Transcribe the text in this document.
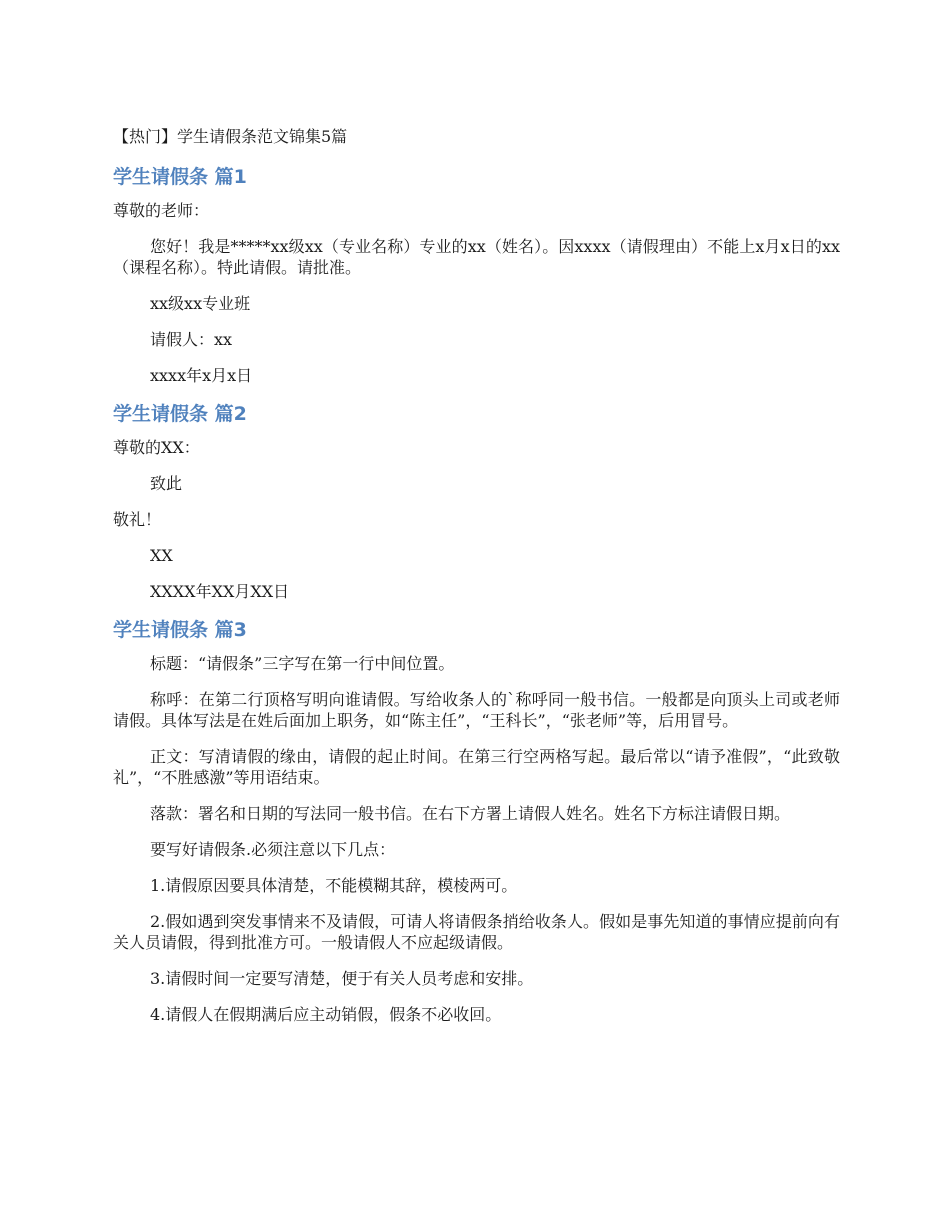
【热门】学生请假条范文锦集5篇
学生请假条 篇1

尊敬的老师：

您好！我是*****xx级xx（专业名称）专业的xx（姓名）。因xxxx（请假理由）不能上x月x日的xx（课程名称）。特此请假。请批准。

xx级xx专业班

请假人：xx

xxxx年x月x日

学生请假条 篇2

尊敬的XX：

致此

敬礼！

XX

XXXX年XX月XX日

学生请假条 篇3

标题：“请假条”三字写在第一行中间位置。

称呼：在第二行顶格写明向谁请假。写给收条人的`称呼同一般书信。一般都是向顶头上司或老师请假。具体写法是在姓后面加上职务，如“陈主任”，“王科长”，“张老师”等，后用冒号。

正文：写清请假的缘由，请假的起止时间。在第三行空两格写起。最后常以“请予准假”，“此致敬礼”，“不胜感激”等用语结束。

落款：署名和日期的写法同一般书信。在右下方署上请假人姓名。姓名下方标注请假日期。

要写好请假条.必须注意以下几点：

1.请假原因要具体清楚，不能模糊其辞，模棱两可。

2.假如遇到突发事情来不及请假，可请人将请假条捎给收条人。假如是事先知道的事情应提前向有关人员请假，得到批准方可。一般请假人不应起级请假。

3.请假时间一定要写清楚，便于有关人员考虑和安排。

4.请假人在假期满后应主动销假，假条不必收回。
